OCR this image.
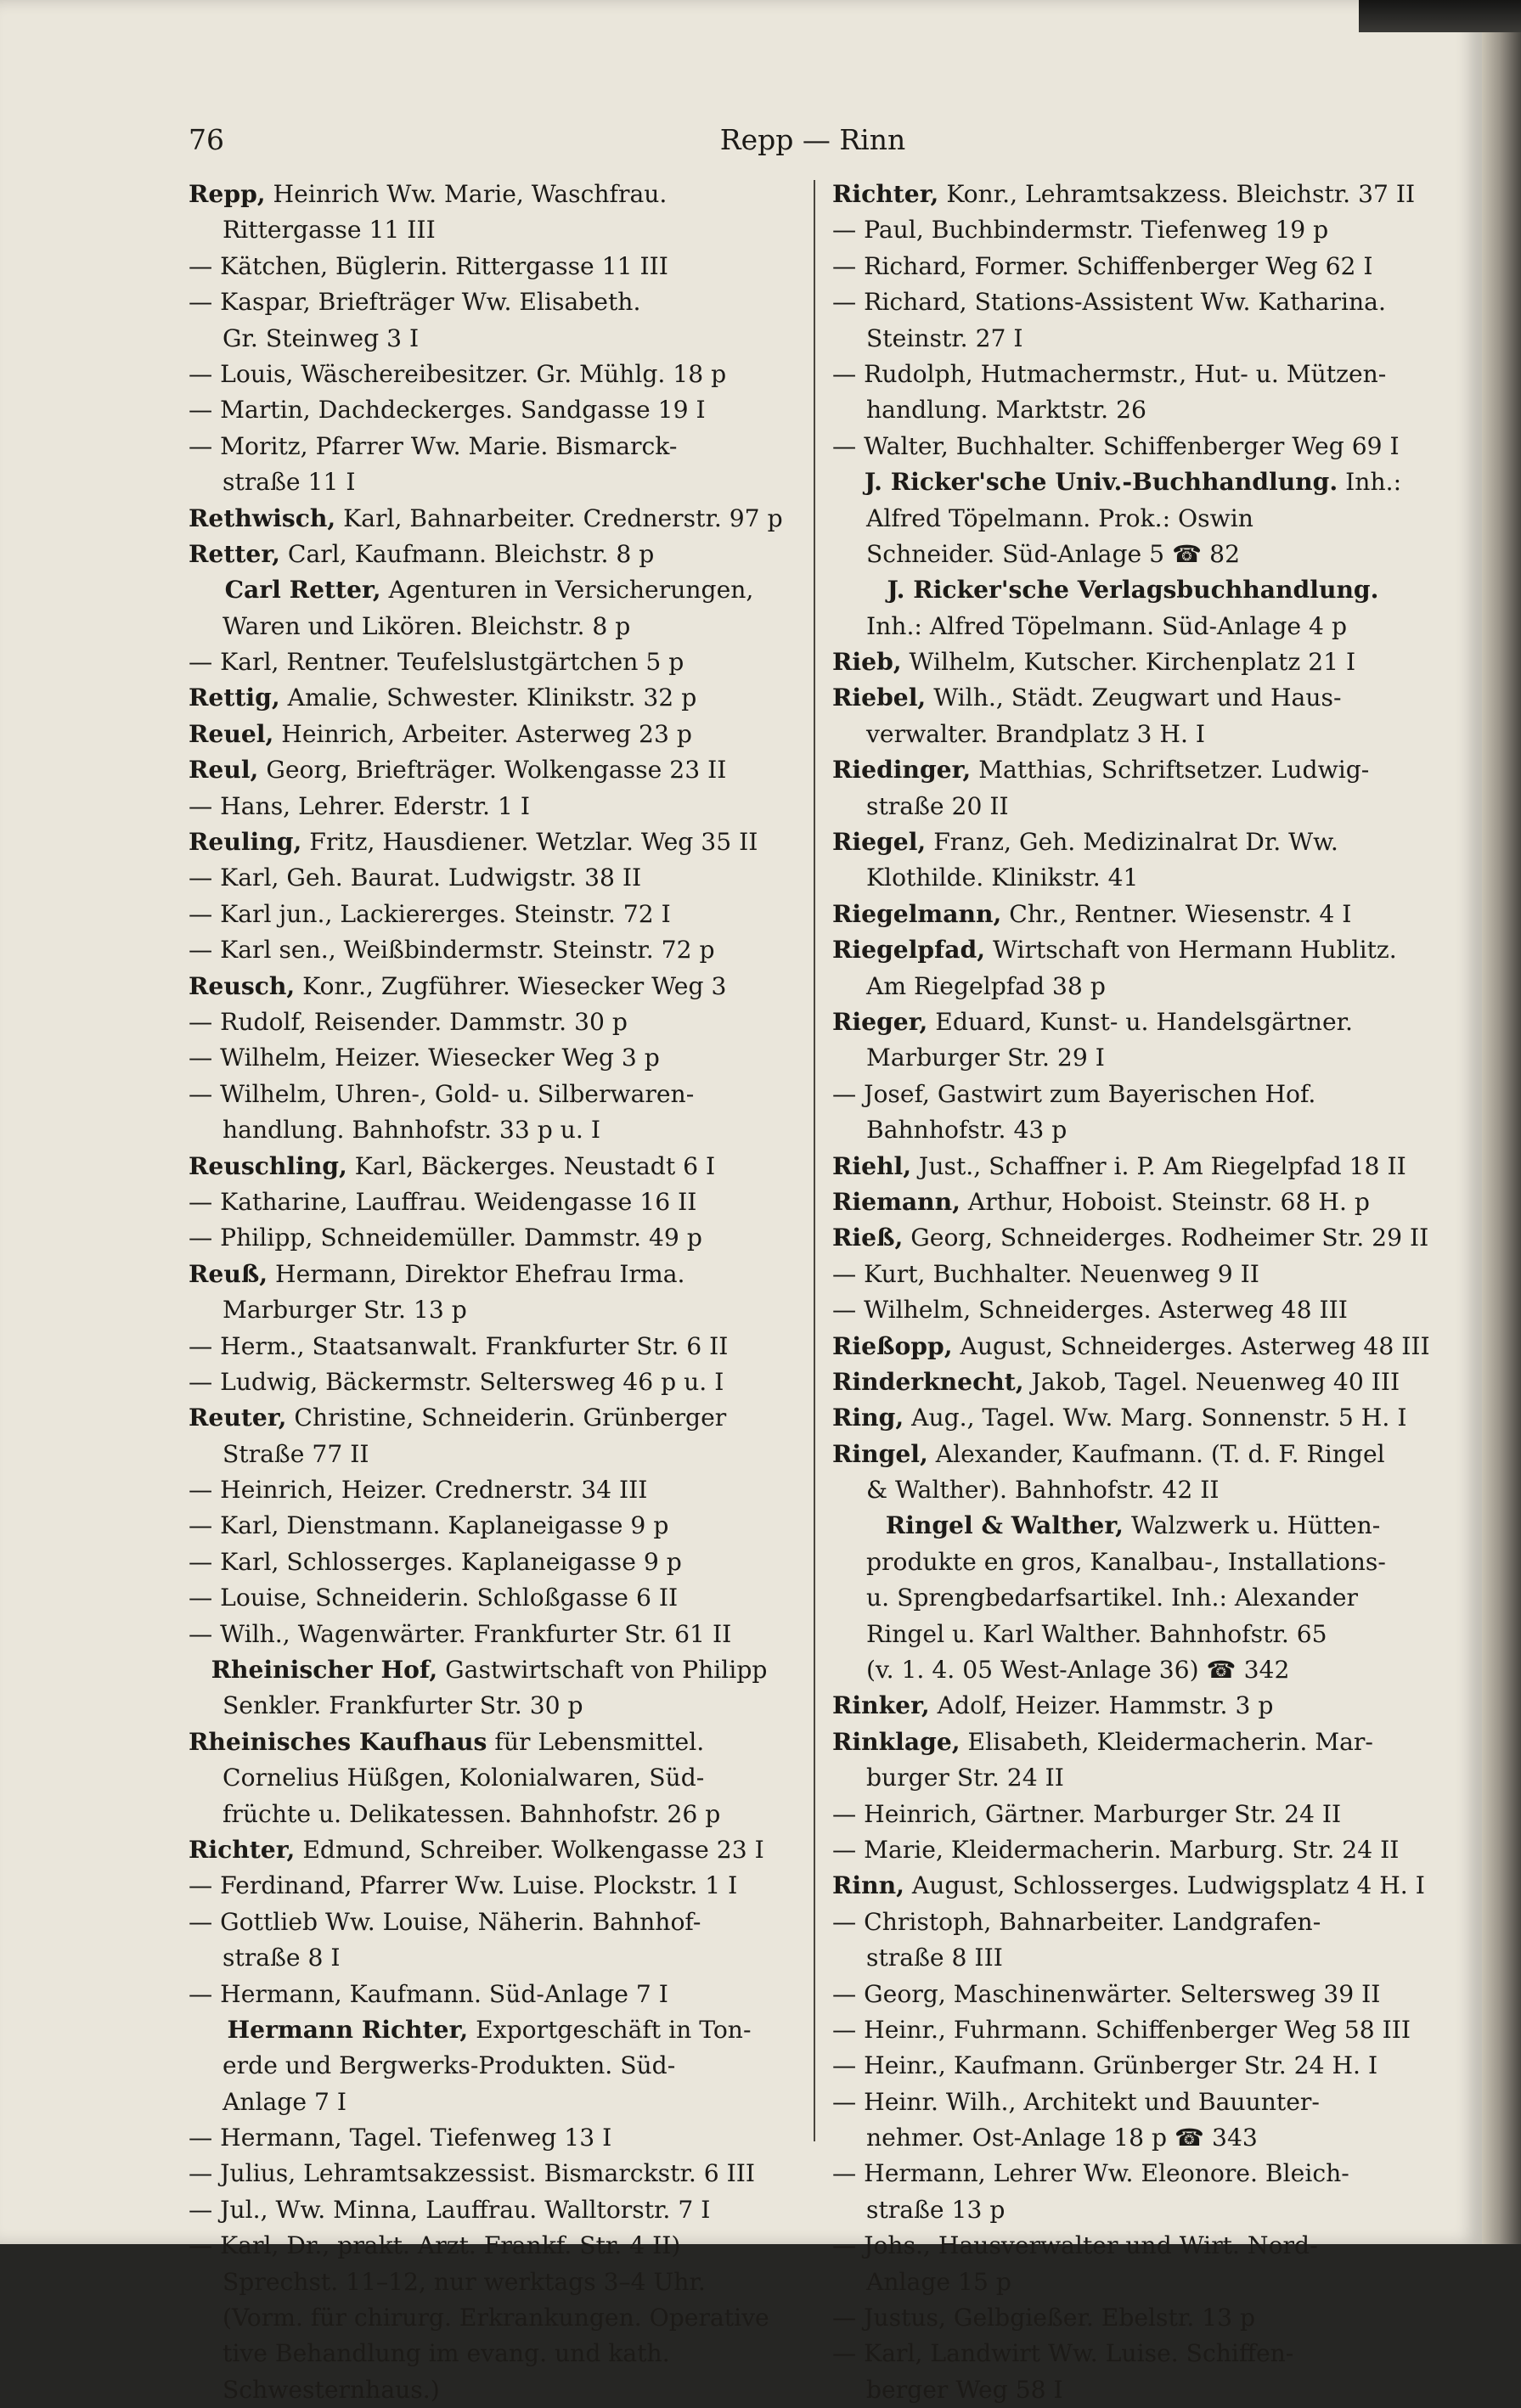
76	Repp — Rinn
Repp, Heinrich Ww. Marie, Waschfrau.
Rittergasse 11 III
— Kätchen, Büglerin. Rittergasse 11 III
— Kaspar, Briefträger Ww. Elisabeth.
Gr. Steinweg 3 I
— Louis, Wäschereibesitzer. Gr. Mühlg. 18 p
— Martin, Dachdeckerges. Sandgasse 19 I
— Moritz, Pfarrer Ww. Marie. Bismarck-
straße 11 I
Rethwisch, Karl, Bahnarbeiter. Crednerstr. 97 p
Retter, Carl, Kaufmann. Bleichstr. 8 p
Carl Retter, Agenturen in Versicherungen,
Waren und Likören. Bleichstr. 8 p
— Karl, Rentner. Teufelslustgärtchen 5 p
Rettig, Amalie, Schwester. Klinikstr. 32 p
Reuel, Heinrich, Arbeiter. Asterweg 23 p
Reul, Georg, Briefträger. Wolkengasse 23 II
— Hans, Lehrer. Ederstr. 1 I
Reuling, Fritz, Hausdiener. Wetzlar. Weg 35 II
— Karl, Geh. Baurat. Ludwigstr. 38 II
— Karl jun., Lackiererges. Steinstr. 72 I
— Karl sen., Weißbindermstr. Steinstr. 72 p
Reusch, Konr., Zugführer. Wiesecker Weg 3
— Rudolf, Reisender. Dammstr. 30 p
— Wilhelm, Heizer. Wiesecker Weg 3 p
— Wilhelm, Uhren-, Gold- u. Silberwaren-
handlung. Bahnhofstr. 33 p u. I
Reuschling, Karl, Bäckerges. Neustadt 6 I
— Katharine, Lauffrau. Weidengasse 16 II
— Philipp, Schneidemüller. Dammstr. 49 p
Reuß, Hermann, Direktor Ehefrau Irma.
Marburger Str. 13 p
— Herm., Staatsanwalt. Frankfurter Str. 6 II
— Ludwig, Bäckermstr. Seltersweg 46 p u. I
Reuter, Christine, Schneiderin. Grünberger
Straße 77 II
— Heinrich, Heizer. Crednerstr. 34 III
— Karl, Dienstmann. Kaplaneigasse 9 p
— Karl, Schlosserges. Kaplaneigasse 9 p
— Louise, Schneiderin. Schloßgasse 6 II
— Wilh., Wagenwärter. Frankfurter Str. 61 II
Rheinischer Hof, Gastwirtschaft von Philipp
Senkler. Frankfurter Str. 30 p
Rheinisches Kaufhaus für Lebensmittel.
Cornelius Hüßgen, Kolonialwaren, Süd-
früchte u. Delikatessen. Bahnhofstr. 26 p
Richter, Edmund, Schreiber. Wolkengasse 23 I
— Ferdinand, Pfarrer Ww. Luise. Plockstr. 1 I
— Gottlieb Ww. Louise, Näherin. Bahnhof-
straße 8 I
— Hermann, Kaufmann. Süd-Anlage 7 I
Hermann Richter, Exportgeschäft in Ton-
erde und Bergwerks-Produkten. Süd-
Anlage 7 I
— Hermann, Tagel. Tiefenweg 13 I
— Julius, Lehramtsakzessist. Bismarckstr. 6 III
— Jul., Ww. Minna, Lauffrau. Walltorstr. 7 I
— Karl, Dr., prakt. Arzt. Frankf. Str. 4 II)
Sprechst. 11–12, nur werktags 3–4 Uhr.
(Vorm. für chirurg. Erkrankungen. Operative
tive Behandlung im evang. und kath.
Schwesternhaus.)
Richter, Konr., Lehramtsakzess. Bleichstr. 37 II
— Paul, Buchbindermstr. Tiefenweg 19 p
— Richard, Former. Schiffenberger Weg 62 I
— Richard, Stations-Assistent Ww. Katharina.
Steinstr. 27 I
— Rudolph, Hutmachermstr., Hut- u. Mützen-
handlung. Marktstr. 26
— Walter, Buchhalter. Schiffenberger Weg 69 I
J. Ricker'sche Univ.-Buchhandlung. Inh.:
Alfred Töpelmann. Prok.: Oswin
Schneider. Süd-Anlage 5 ☎ 82
J. Ricker'sche Verlagsbuchhandlung.
Inh.: Alfred Töpelmann. Süd-Anlage 4 p
Rieb, Wilhelm, Kutscher. Kirchenplatz 21 I
Riebel, Wilh., Städt. Zeugwart und Haus-
verwalter. Brandplatz 3 H. I
Riedinger, Matthias, Schriftsetzer. Ludwig-
straße 20 II
Riegel, Franz, Geh. Medizinalrat Dr. Ww.
Klothilde. Klinikstr. 41
Riegelmann, Chr., Rentner. Wiesenstr. 4 I
Riegelpfad, Wirtschaft von Hermann Hublitz.
Am Riegelpfad 38 p
Rieger, Eduard, Kunst- u. Handelsgärtner.
Marburger Str. 29 I
— Josef, Gastwirt zum Bayerischen Hof.
Bahnhofstr. 43 p
Riehl, Just., Schaffner i. P. Am Riegelpfad 18 II
Riemann, Arthur, Hoboist. Steinstr. 68 H. p
Rieß, Georg, Schneiderges. Rodheimer Str. 29 II
— Kurt, Buchhalter. Neuenweg 9 II
— Wilhelm, Schneiderges. Asterweg 48 III
Rießopp, August, Schneiderges. Asterweg 48 III
Rinderknecht, Jakob, Tagel. Neuenweg 40 III
Ring, Aug., Tagel. Ww. Marg. Sonnenstr. 5 H. I
Ringel, Alexander, Kaufmann. (T. d. F. Ringel
& Walther). Bahnhofstr. 42 II
Ringel & Walther, Walzwerk u. Hütten-
produkte en gros, Kanalbau-, Installations-
u. Sprengbedarfsartikel. Inh.: Alexander
Ringel u. Karl Walther. Bahnhofstr. 65
(v. 1. 4. 05 West-Anlage 36) ☎ 342
Rinker, Adolf, Heizer. Hammstr. 3 p
Rinklage, Elisabeth, Kleidermacherin. Mar-
burger Str. 24 II
— Heinrich, Gärtner. Marburger Str. 24 II
— Marie, Kleidermacherin. Marburg. Str. 24 II
Rinn, August, Schlosserges. Ludwigsplatz 4 H. I
— Christoph, Bahnarbeiter. Landgrafen-
straße 8 III
— Georg, Maschinenwärter. Seltersweg 39 II
— Heinr., Fuhrmann. Schiffenberger Weg 58 III
— Heinr., Kaufmann. Grünberger Str. 24 H. I
— Heinr. Wilh., Architekt und Bauunter-
nehmer. Ost-Anlage 18 p ☎ 343
— Hermann, Lehrer Ww. Eleonore. Bleich-
straße 13 p
— Johs., Hausverwalter und Wirt. Nord-
Anlage 15 p
— Justus, Gelbgießer. Ebelstr. 13 p
— Karl, Landwirt Ww. Luise. Schiffen-
berger Weg 58 I
